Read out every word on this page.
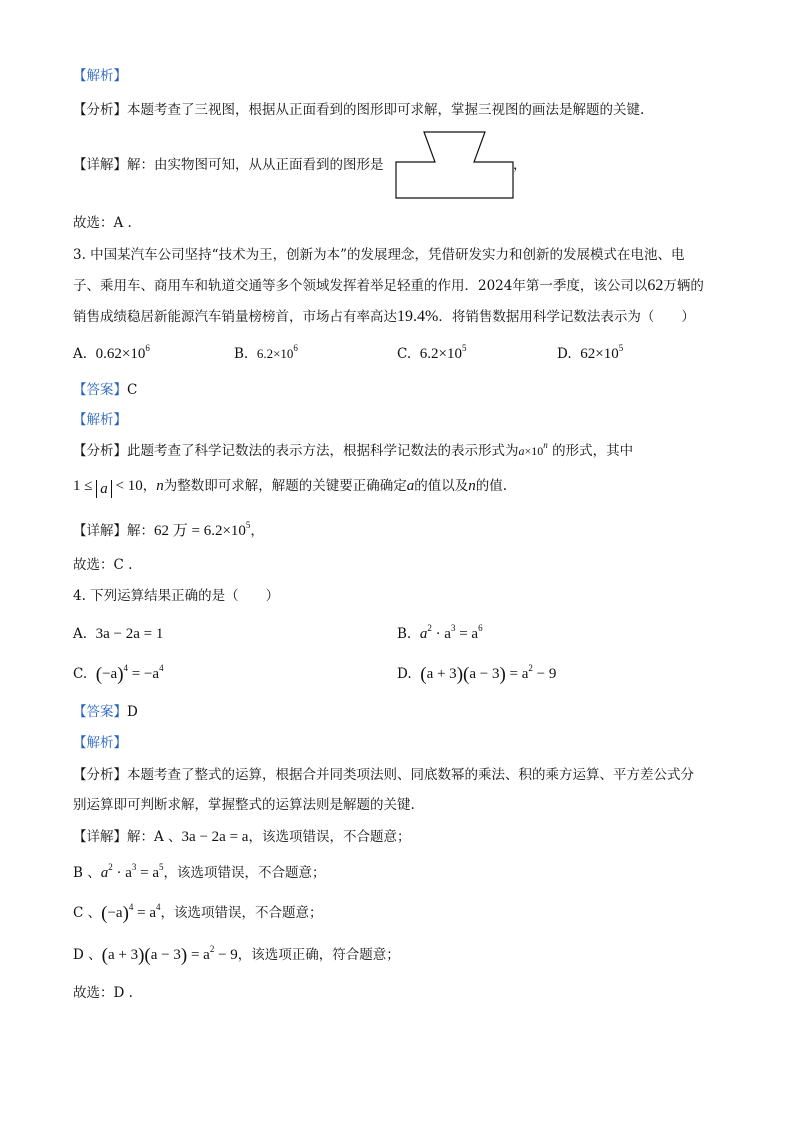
【解析】
【分析】本题考查了三视图，根据从正面看到的图形即可求解，掌握三视图的画法是解题的关键.
【详解】解：由实物图可知，从从正面看到的图形是	，
故选：A .
3. 中国某汽车公司坚持“技术为王，创新为本”的发展理念，凭借研发实力和创新的发展模式在电池、电
子、乘用车、商用车和轨道交通等多个领域发挥着举足轻重的作用．2024年第一季度，该公司以62万辆的
销售成绩稳居新能源汽车销量榜榜首，市场占有率高达19.4%．将销售数据用科学记数法表示为（　　）
A. $0.62\times 10^6$	B. $6.2\times 10^6$	C. $6.2\times 10^5$	D. $62\times 10^5$
【答案】C
【解析】
【分析】此题考查了科学记数法的表示方法，根据科学记数法的表示形式为$a\times 10^n$ 的形式，其中
1 ≤ a < 10，n为整数即可求解，解题的关键要正确确定a的值以及n的值.
【详解】解：62 万 = $6.2\times 10^5$，
故选：C .
4. 下列运算结果正确的是（　　）
A. 3a − 2a = 1	B. $a^2 \cdot a^3 = a^6$
C. $(-a)^4 = -a^4$	D. $(a + 3)(a - 3) = a^2 - 9$
【答案】D
【解析】
【分析】本题考查了整式的运算，根据合并同类项法则、同底数幂的乘法、积的乘方运算、平方差公式分
别运算即可判断求解，掌握整式的运算法则是解题的关键.
【详解】解：A 、3a − 2a = a，该选项错误，不合题意；
B 、$a^2 \cdot a^3 = a^5$，该选项错误，不合题意；
C 、$(-a)^4 = a^4$，该选项错误，不合题意；
D 、$(a + 3)(a - 3) = a^2 - 9$，该选项正确，符合题意；
故选：D .
